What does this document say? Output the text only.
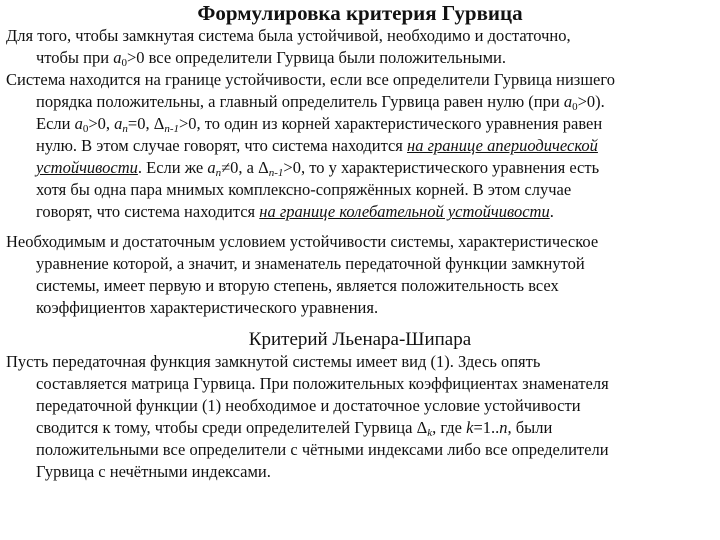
Формулировка критерия Гурвица
Для того, чтобы замкнутая система была устойчивой, необходимо и достаточно,
чтобы при $a_0>0$ все определители Гурвица были положительными.
Система находится на границе устойчивости, если все определители Гурвица низшего
порядка положительны, а главный определитель Гурвица равен нулю (при $a_0>0$).
Если $a_0>0$, $a_n=0$, $\Delta_{n-1}>0$, то один из корней характеристического уравнения равен
нулю. В этом случае говорят, что система находится на границе апериодической
устойчивости. Если же $a_n\ne 0$, а $\Delta_{n-1}>0$, то у характеристического уравнения есть
хотя бы одна пара мнимых комплексно-сопряжённых корней. В этом случае
говорят, что система находится на границе колебательной устойчивости.
Необходимым и достаточным условием устойчивости системы, характеристическое
уравнение которой, а значит, и знаменатель передаточной функции замкнутой
системы, имеет первую и вторую степень, является положительность всех
коэффициентов характеристического уравнения.
Критерий Льенара-Шипара
Пусть передаточная функция замкнутой системы имеет вид (1). Здесь опять
составляется матрица Гурвица. При положительных коэффициентах знаменателя
передаточной функции (1) необходимое и достаточное условие устойчивости
сводится к тому, чтобы среди определителей Гурвица $\Delta_k$, где k=1..n, были
положительными все определители с чётными индексами либо все определители
Гурвица с нечётными индексами.
